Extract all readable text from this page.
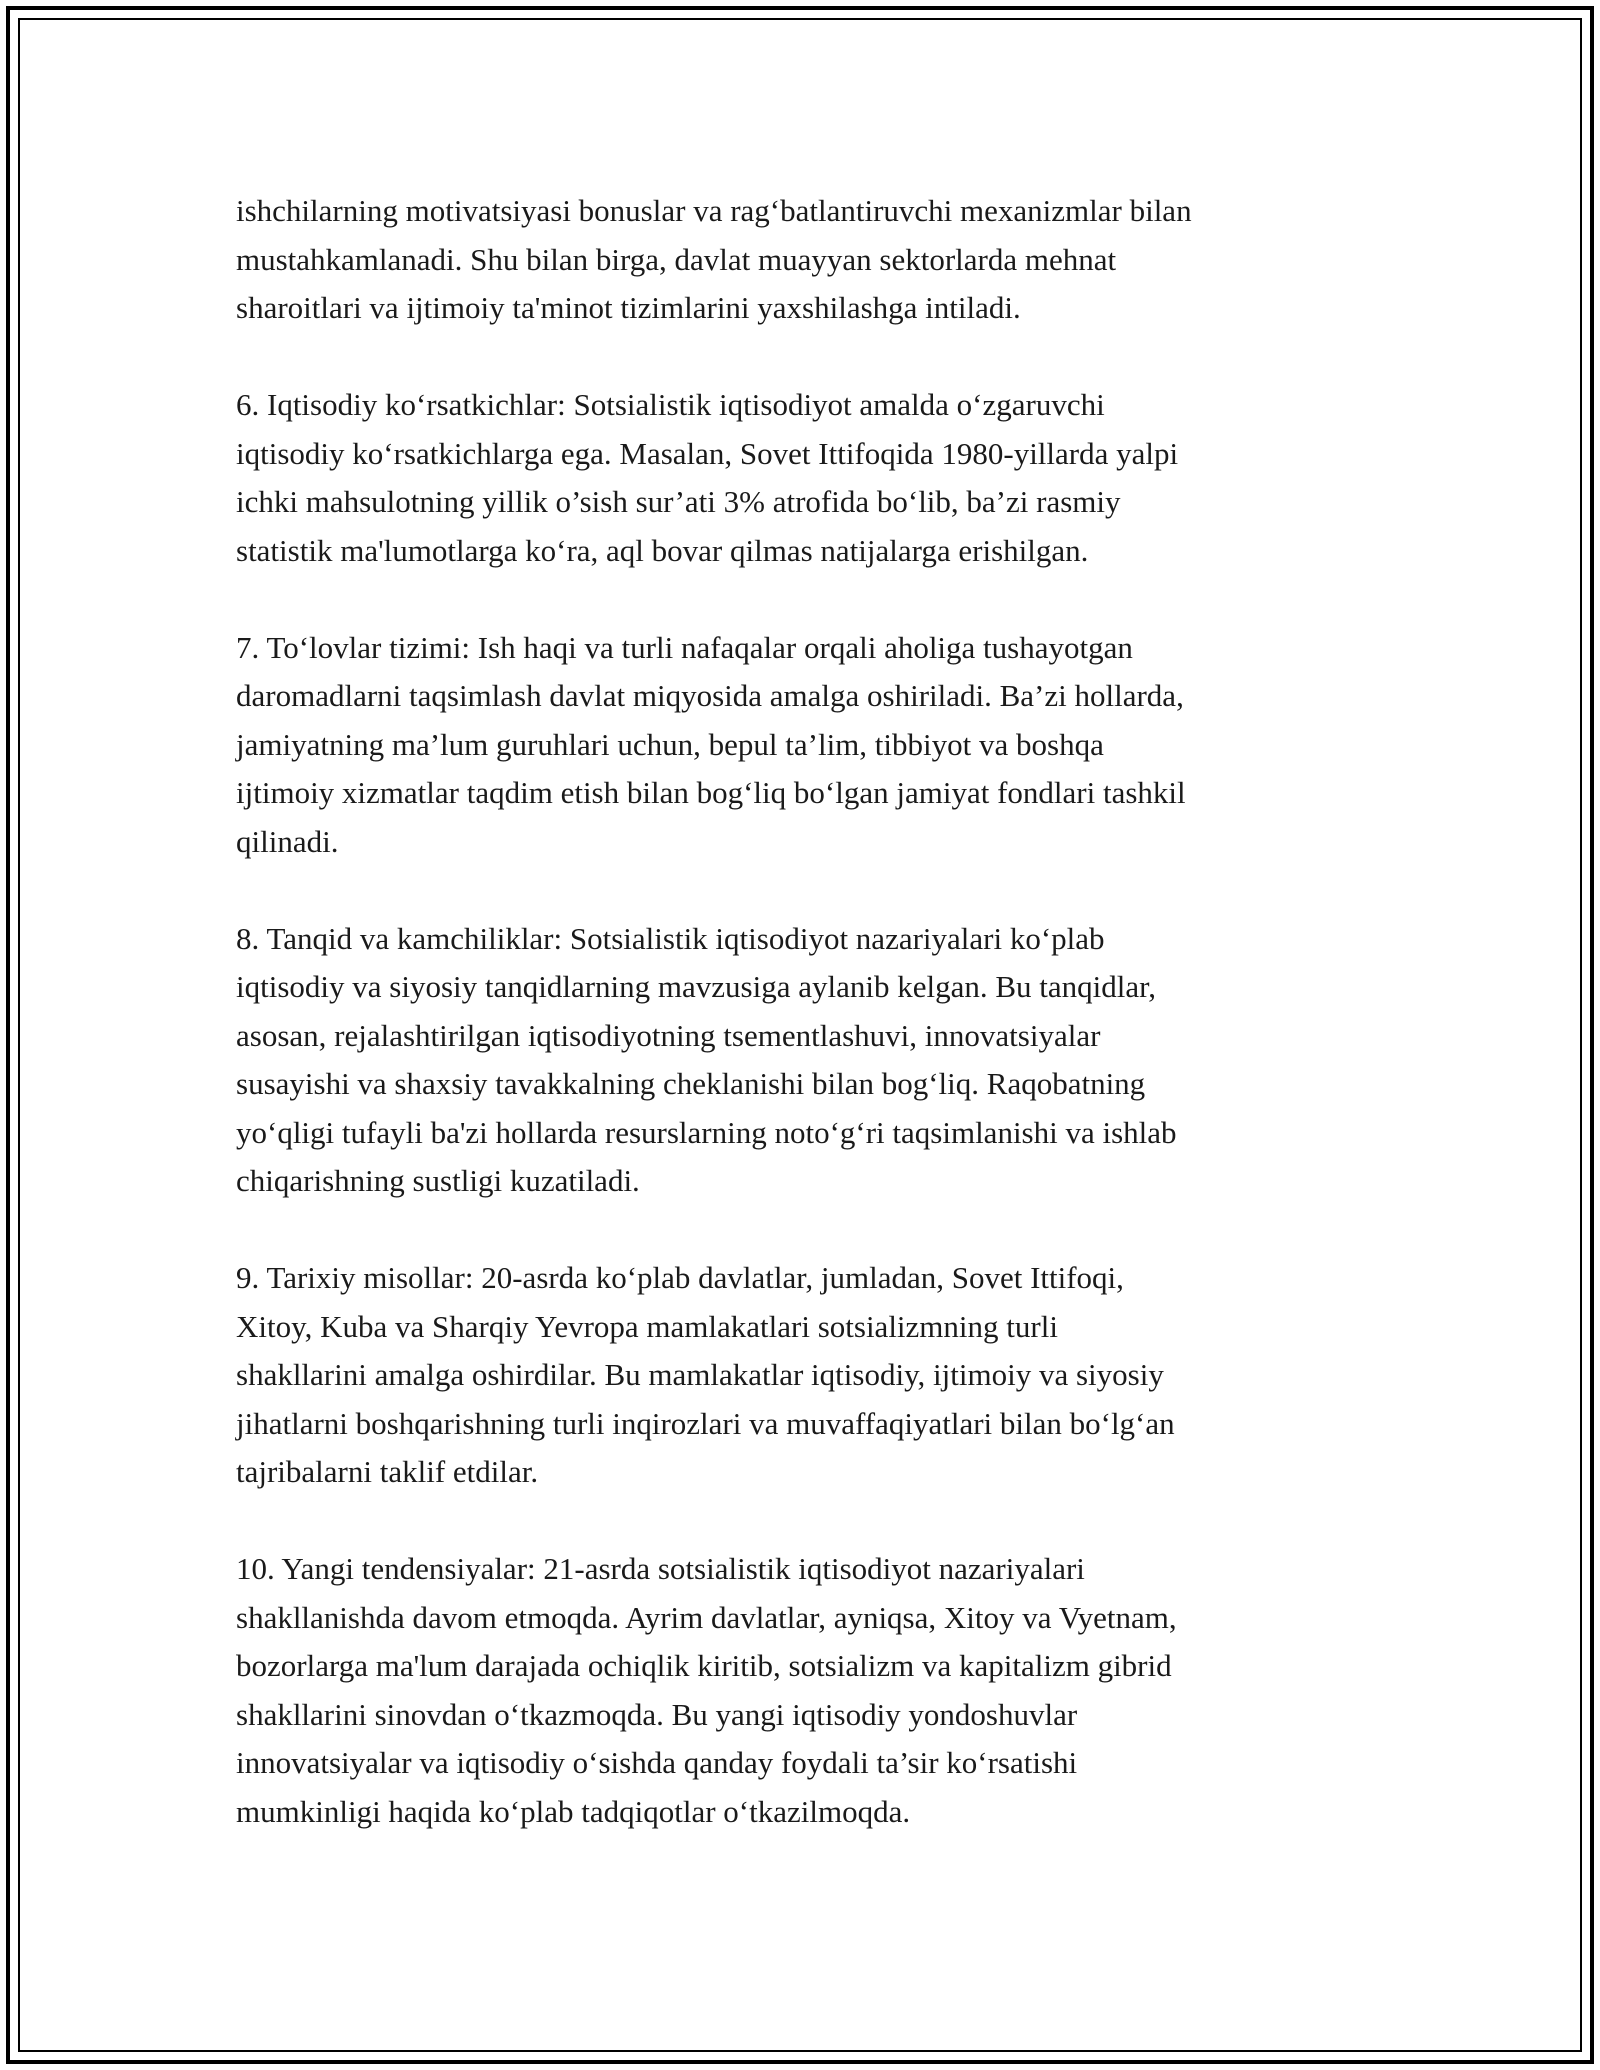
ishchilarning motivatsiyasi bonuslar va rag‘batlantiruvchi mexanizmlar bilan
mustahkamlanadi. Shu bilan birga, davlat muayyan sektorlarda mehnat
sharoitlari va ijtimoiy ta'minot tizimlarini yaxshilashga intiladi.

6. Iqtisodiy ko‘rsatkichlar: Sotsialistik iqtisodiyot amalda o‘zgaruvchi
iqtisodiy ko‘rsatkichlarga ega. Masalan, Sovet Ittifoqida 1980-yillarda yalpi
ichki mahsulotning yillik o’sish sur’ati 3% atrofida bo‘lib, ba’zi rasmiy
statistik ma'lumotlarga ko‘ra, aql bovar qilmas natijalarga erishilgan.

7. To‘lovlar tizimi: Ish haqi va turli nafaqalar orqali aholiga tushayotgan
daromadlarni taqsimlash davlat miqyosida amalga oshiriladi. Ba’zi hollarda,
jamiyatning ma’lum guruhlari uchun, bepul ta’lim, tibbiyot va boshqa
ijtimoiy xizmatlar taqdim etish bilan bog‘liq bo‘lgan jamiyat fondlari tashkil
qilinadi.

8. Tanqid va kamchiliklar: Sotsialistik iqtisodiyot nazariyalari ko‘plab
iqtisodiy va siyosiy tanqidlarning mavzusiga aylanib kelgan. Bu tanqidlar,
asosan, rejalashtirilgan iqtisodiyotning tsementlashuvi, innovatsiyalar
susayishi va shaxsiy tavakkalning cheklanishi bilan bog‘liq. Raqobatning
yo‘qligi tufayli ba'zi hollarda resurslarning noto‘g‘ri taqsimlanishi va ishlab
chiqarishning sustligi kuzatiladi.

9. Tarixiy misollar: 20-asrda ko‘plab davlatlar, jumladan, Sovet Ittifoqi,
Xitoy, Kuba va Sharqiy Yevropa mamlakatlari sotsializmning turli
shakllarini amalga oshirdilar. Bu mamlakatlar iqtisodiy, ijtimoiy va siyosiy
jihatlarni boshqarishning turli inqirozlari va muvaffaqiyatlari bilan bo‘lg‘an
tajribalarni taklif etdilar.

10. Yangi tendensiyalar: 21-asrda sotsialistik iqtisodiyot nazariyalari
shakllanishda davom etmoqda. Ayrim davlatlar, ayniqsa, Xitoy va Vyetnam,
bozorlarga ma'lum darajada ochiqlik kiritib, sotsializm va kapitalizm gibrid
shakllarini sinovdan o‘tkazmoqda. Bu yangi iqtisodiy yondoshuvlar
innovatsiyalar va iqtisodiy o‘sishda qanday foydali ta’sir ko‘rsatishi
mumkinligi haqida ko‘plab tadqiqotlar o‘tkazilmoqda.
